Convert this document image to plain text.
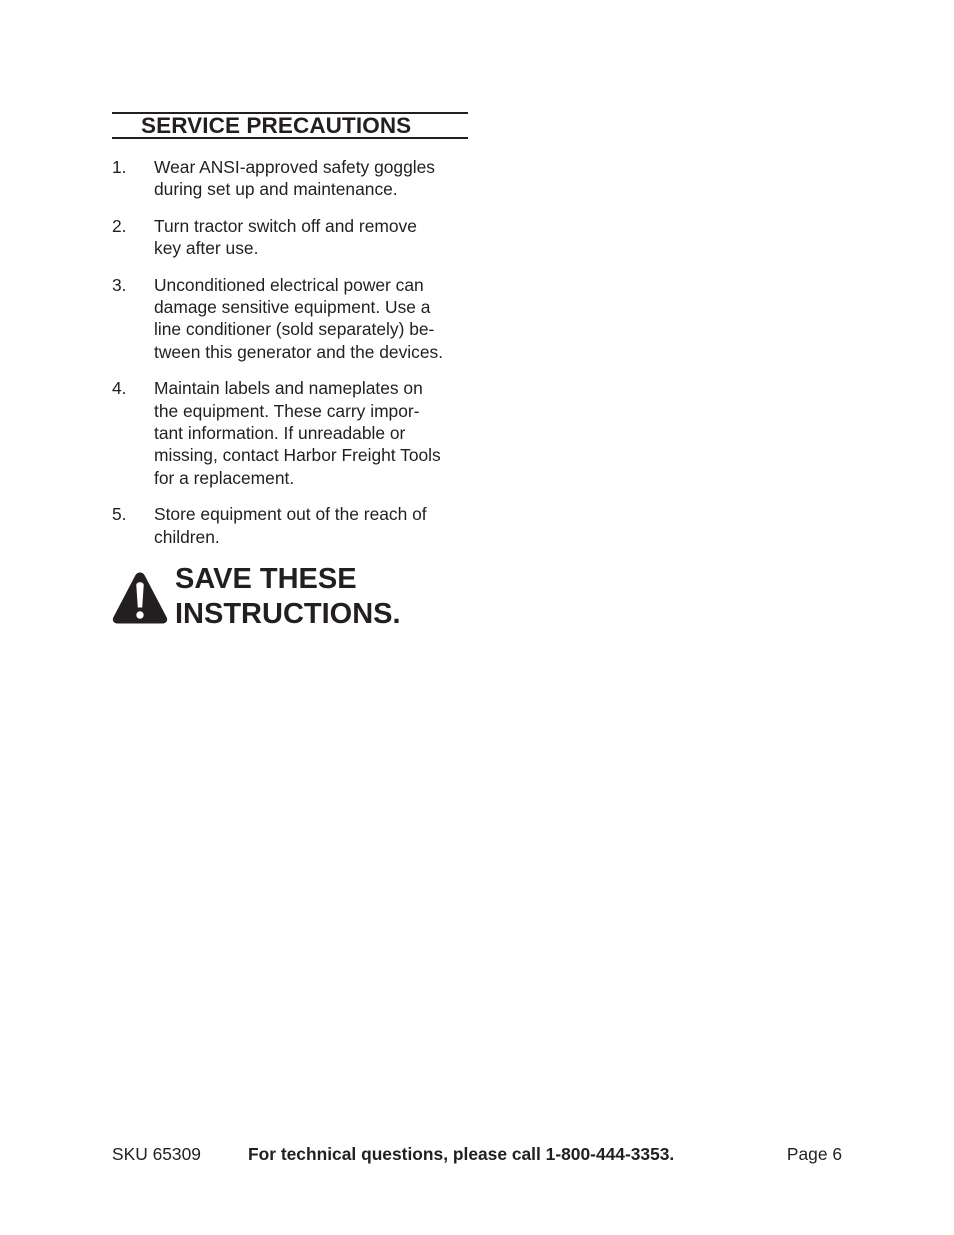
SERVICE PRECAUTIONS
1. Wear ANSI-approved safety goggles
during set up and maintenance.
2. Turn tractor switch off and remove
key after use.
3. Unconditioned electrical power can
damage sensitive equipment. Use a
line conditioner (sold separately) be-
tween this generator and the devices.
4. Maintain labels and nameplates on
the equipment. These carry impor-
tant information. If unreadable or
missing, contact Harbor Freight Tools
for a replacement.
5. Store equipment out of the reach of
children.
SAVE THESE
INSTRUCTIONS.
SKU 65309	For technical questions, please call 1-800-444-3353.	Page 6
